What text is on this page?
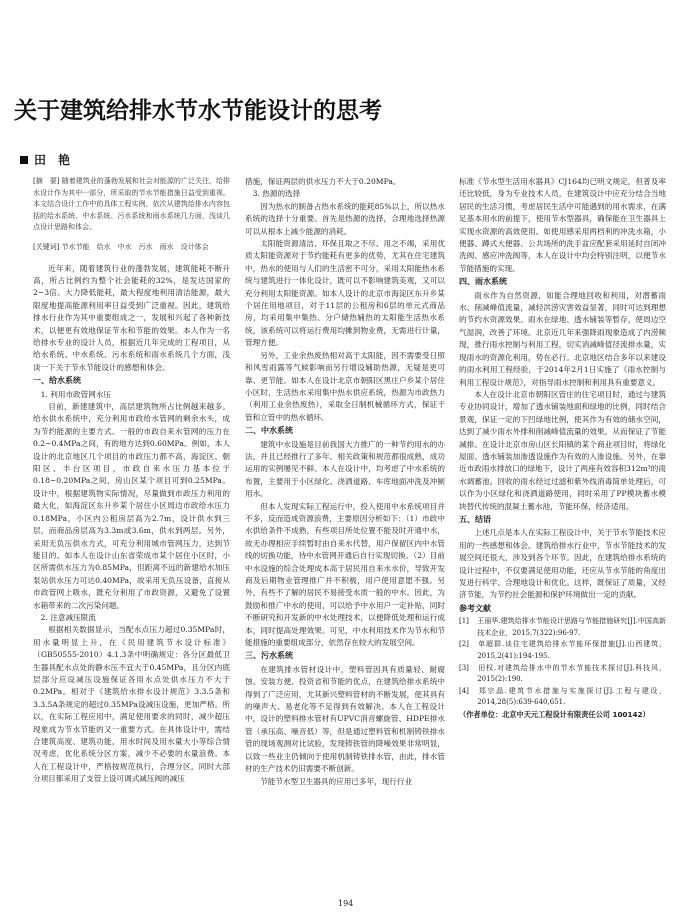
关于建筑给排水节水节能设计的思考
田　艳

[摘　要] 随着建筑业的蓬勃发展和社会对能源的广泛关注，给排水设计作为其中一部分，所采取的节水节能措施日益受到重视。本文结合设计工作中的具体工程实例，依次从建筑给排水内容包括的给水系统、中水系统、污水系统和雨水系统几方面，浅谈几点设计思路和体会。

[关键词] 节水节能　给水　中水　污水　雨水　设计体会

近年来，随着建筑行业的蓬勃发展，建筑能耗不断升高，所占比例约为整个社会能耗的32%，是发达国家的2~3倍。大力降低能耗，最大程度地利用清洁能源，最大限度地提高能源利用率日益受到广泛重视。因此，建筑给排水行业作为其中重要组成之一，发展和兴起了各种新技术，以便更有效地保证节水和节能的效果。本人作为一名给排水专业的设计人员，根据近几年完成的工程项目，从给水系统、中水系统、污水系统和雨水系统几个方面，浅谈一下关于节水节能设计的感想和体会。

一、给水系统
1. 利用市政管网水压

目前，新建建筑中，高层建筑物所占比例越来越多。给水供水系统中，充分利用市政给水管网的剩余水头，成为节约能源的主要方式。一般的市政自来水管网的压力在0.2~0.4MPa之间，有的地方达到0.60MPa。例如，本人设计的北京地区几个项目的市政压力都不高，海淀区、朝阳区、丰台区项目，市政自来水压力基本位于0.18~0.20MPa之间，房山区某个项目可到0.25MPa。设计中，根据建筑物实际情况，尽量做到市政压力利用的最大化，如海淀区东升乡某个居住小区周边市政给水压力0.18MPa，小区内公租房层高为2.7m，设计供水到三层，而商品房层高为3.3m或3.6m，供水到两层。另外，采用无负压供水方式，可充分利用城市管网压力，达到节能目的。如本人在设计山东省荣成市某个居住小区时，小区所需供水压力为0.85MPa，但距离不远的新建给水加压泵站供水压力可达0.40MPa，故采用无负压设备，直接从市政管网上吸水，既充分利用了市政资源，又避免了设置水箱带来的二次污染问题。

2. 注意减压限流

根据相关数据显示，当配水点压力超过0.35MPa时，用水量明显上升，在《民用建筑节水设计标准》（GB50555-2010）4.1.3条中明确规定：各分区最低卫生器具配水点处的静水压不宜大于0.45MPa，且分区内底层部分应设减压设施保证各用水点处供水压力不大于0.2MPa。相对于《建筑给水排水设计规范》3.3.5条和3.3.5A条规定的超过0.35MPa设减压设施，更加严格。所以，在实际工程应用中，满足使用要求的同时，减少超压现象成为节水节能的又一重要方式。在具体设计中，需结合建筑高度、建筑功能，用水时间及用水量大小等综合情况考虑，优化系统分区方案，减少不必要的水量浪费。本人在工程设计中，严格按规范执行，合理分区，同时大部分项目都采用了支管上设可调式减压阀的减压

措施，保证两层的供水压力不大于0.20MPa。

3. 热源的选择

因为热水的制备占热水系统的能耗85%以上，所以热水系统的选择十分重要。首先是热源的选择，合理地选择热源可以从根本上减少能源的消耗。

太阳能资源清洁、环保且取之不尽、用之不竭，采用优质太阳能资源对于节约能耗有更多的优势，尤其在住宅建筑中，热水的使用与人们的生活密不可分，采用太阳能热水系统与建筑进行一体化设计，既可以不影响建筑美观，又可以充分利用太阳能资源。如本人设计的北京市海淀区东升乡某个居住用地项目，对于11层的公租房和6层的单元式商品房，均采用集中集热、分户储热辅热的太阳能生活热水系统，该系统可以将运行费用均摊到物业费，无需进行计量，管理方便。

另外，工业余热废热相对高于太阳能，因不需要受日照和风雪雨露等气候影响而另行增设辅助热源，无疑是更可靠、更节能。如本人在设计北京市朝阳区黑庄户乡某个居住小区时，生活热水采用集中热水供应系统，热源为市政热力（利用工业余热废热），采取全日制机械循环方式，保证干管和立管中的热水循环。

二、中水系统

建筑中水设施是目前我国大力推广的一种节约用水的办法，并且已经推行了多年。相关政策和规范都很成熟，成功运用的实例屡见不鲜。本人在设计中，均考虑了中水系统的布置，主要用于小区绿化、浇洒道路、车库地面冲洗及冲厕用水。

但本人发现实际工程运行中，投入使用中水系统项目并不多，反而造成资源浪费，主要原因分析如下：（1）市政中水供给条件不成熟，有些项目所处位置不能及时开通中水，故无办理相应手续暂时由自来水代替，用户保留区内中水管线的切换功能，待中水管网开通后自行实现切换。（2）目前中水设施的综合处理成本高于居民用自来水水价，导致开发商及后期物业管理推广并不积极，用户使用意愿不强。另外，有些不了解的居民不易接受水质一般的中水。因此，为鼓励和推广中水的使用，可以给予中水用户一定补贴，同时不断研究和开发新的中水处理技术，以便降低处理和运行成本，同时提高处理效果。可见，中水利用技术作为节水和节能措施的重要组成部分，依然存在较大的发展空间。

三、污水系统

在建筑排水管材设计中，塑料管因具有质量轻、耐腐蚀、安装方便、投资省和节能的优点，在建筑给排水系统中得到了广泛应用，尤其新兴塑料管材的不断发展，使其具有的噪声大、易老化等不足得到有效解决。本人在工程设计中，设计的塑料排水管材有UPVC消音螺旋管、HDPE排水管（承压高、噪音低）等，但是通过塑料管和机制铸铁排水管的现场观测对比试验，发现铸铁管的降噪效果非常明显，以致一些业主仍倾向于使用机制铸铁排水管，由此，排水管材的生产技术仍旧需要不断创新。

节能节水型卫生器具的应用已多年，现行行业

标准《节水型生活用水器具》CJ164均已明文规定，但普及率还比较低，身为专业技术人员，在建筑设计中应充分结合当地居民的生活习惯，考虑居民生活中可能遇到的用水需求，在满足基本用水的前提下，使用节水型器具，确保能在卫生器具上实现水资源的高效使用。如使用感采用两档利的冲洗水箱，小便器、蹲式大便器、公共场所的洗手盆应配套采用延时自闭冲洗阀、感应冲洗阀等，本人在设计中均会特别注明，以便节水节能措施的实现。

四、雨水系统

雨水作为自然资源，如能合理地回收和利用，对潜蓄雨水、削减峰值流量，减轻洪涝灾害效益显著，同时可达到理想的节约水资源效果。雨水在绿地、透水铺装等暂存，使周边空气湿润，改善了环境。北京近几年来强降雨现象造成了内涝频现，推行雨水控制与利用工程，切实消减峰值径流排水量，实现雨水的资源化利用，势在必行。北京地区结合多年以来建设的雨水利用工程经验，于2014年2月1日实施了《雨水控制与利用工程设计规范》，对指导雨水控制和利用具有重要意义。

本人在设计北京市朝阳区管庄的住宅项目时，通过与建筑专业协同设计，增加了透水铺装地面和绿地的比例，同时结合景观，保证一定的下凹绿地比例，使其作为有效的储水空间，达到了减少雨水外排和削减峰值流量的效果，从而保证了节能减排。在设计北京市房山区长阳镇的某个商业项目时，将绿化屋面、透水铺装加渗透设施作为有效的入渗设施。另外，在靠近市政雨水排放口的绿地下，设计了两座有效容积312m³的雨水调蓄池。回收的雨水经过过滤和紫外线消毒简单处理后，可以作为小区绿化和浇洒道路使用，同时采用了PP模块蓄水模块替代传统的混凝土蓄水池，节能环保，经济适用。

五、结语

上述几点是本人在实际工程设计中，关于节水节能技术应用的一些感想和体会。建筑给排水行业中，节水节能技术的发展空间还很大，涉及到各个环节。因此，在建筑给排水系统的设计过程中，不仅要满足使用功能，还应从节水节能的角度出发进行科学、合理地设计和优化。这样，既保证了质量，又经济节能，为节约社会能源和保护环境做出一定的贡献。

参考文献

[1] 王丽华.建筑给排水节能设计思路与节能措施研究[J].中国高新技术企业，2015,7(322):96-97.

[2] 单超群.谈住宅建筑给排水节能环保措施[J].山西建筑，2015,2(41):194-195.

[3] 田权.对建筑给排水中的节水节能技术探讨[J].科技风，2015(2):190.

[4] 郑宗晶.建筑节水措施与实施探讨[J].工程与建设，2014,28(5):639-640,651.

（作者单位：北京中天元工程设计有限责任公司 100142）

194
